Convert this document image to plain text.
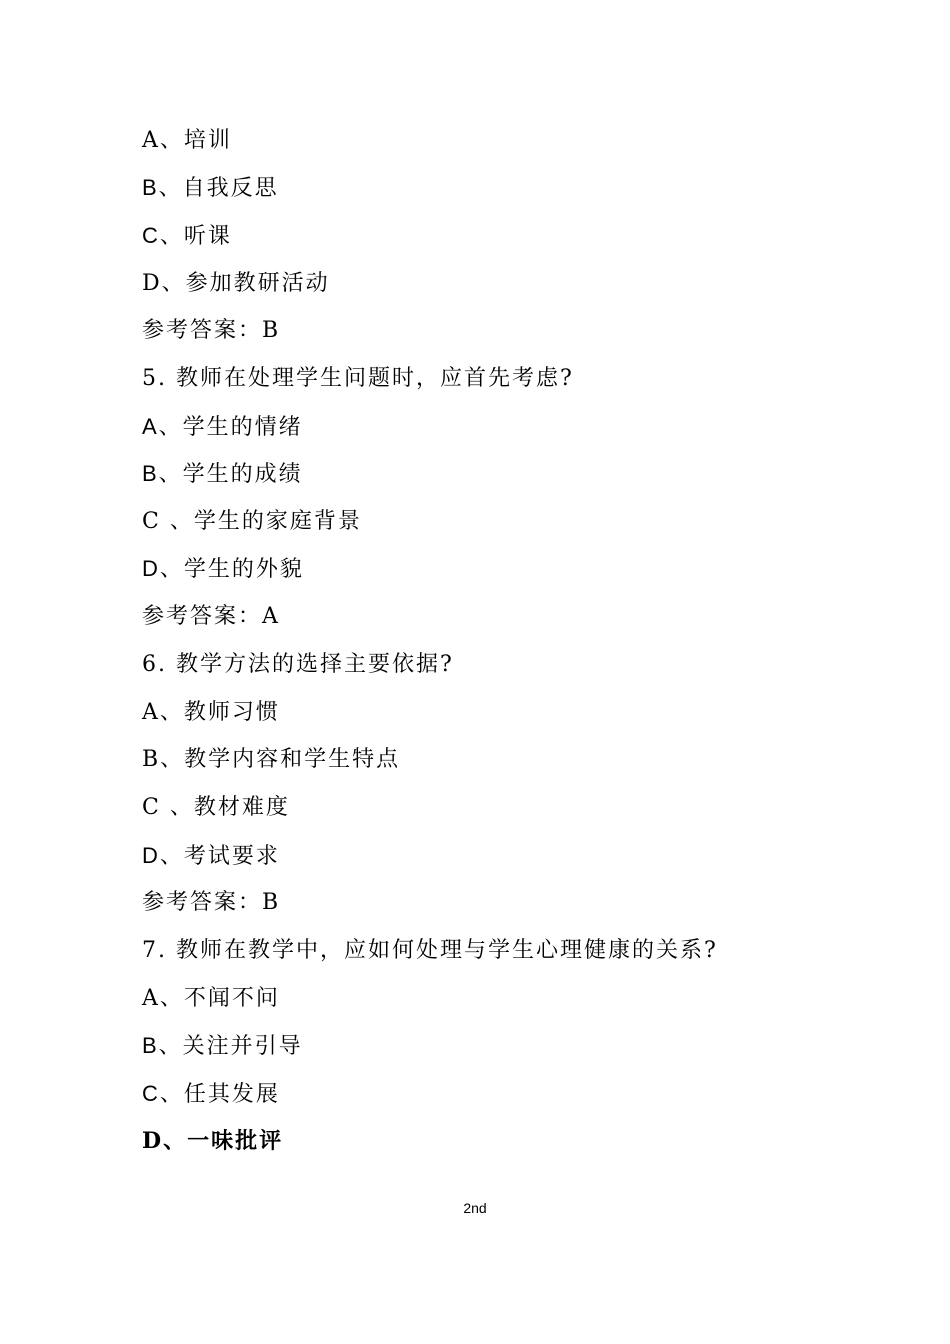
A、培训
B、自我反思
C、听课
D、参加教研活动
参考答案：B
5. 教师在处理学生问题时，应首先考虑?
A、学生的情绪
B、学生的成绩
C 、学生的家庭背景
D、学生的外貌
参考答案：A
6. 教学方法的选择主要依据?
A、教师习惯
B、教学内容和学生特点
C 、教材难度
D、考试要求
参考答案：B
7. 教师在教学中，应如何处理与学生心理健康的关系?
A、不闻不问
B、关注并引导
C、任其发展
D、一味批评
2nd
